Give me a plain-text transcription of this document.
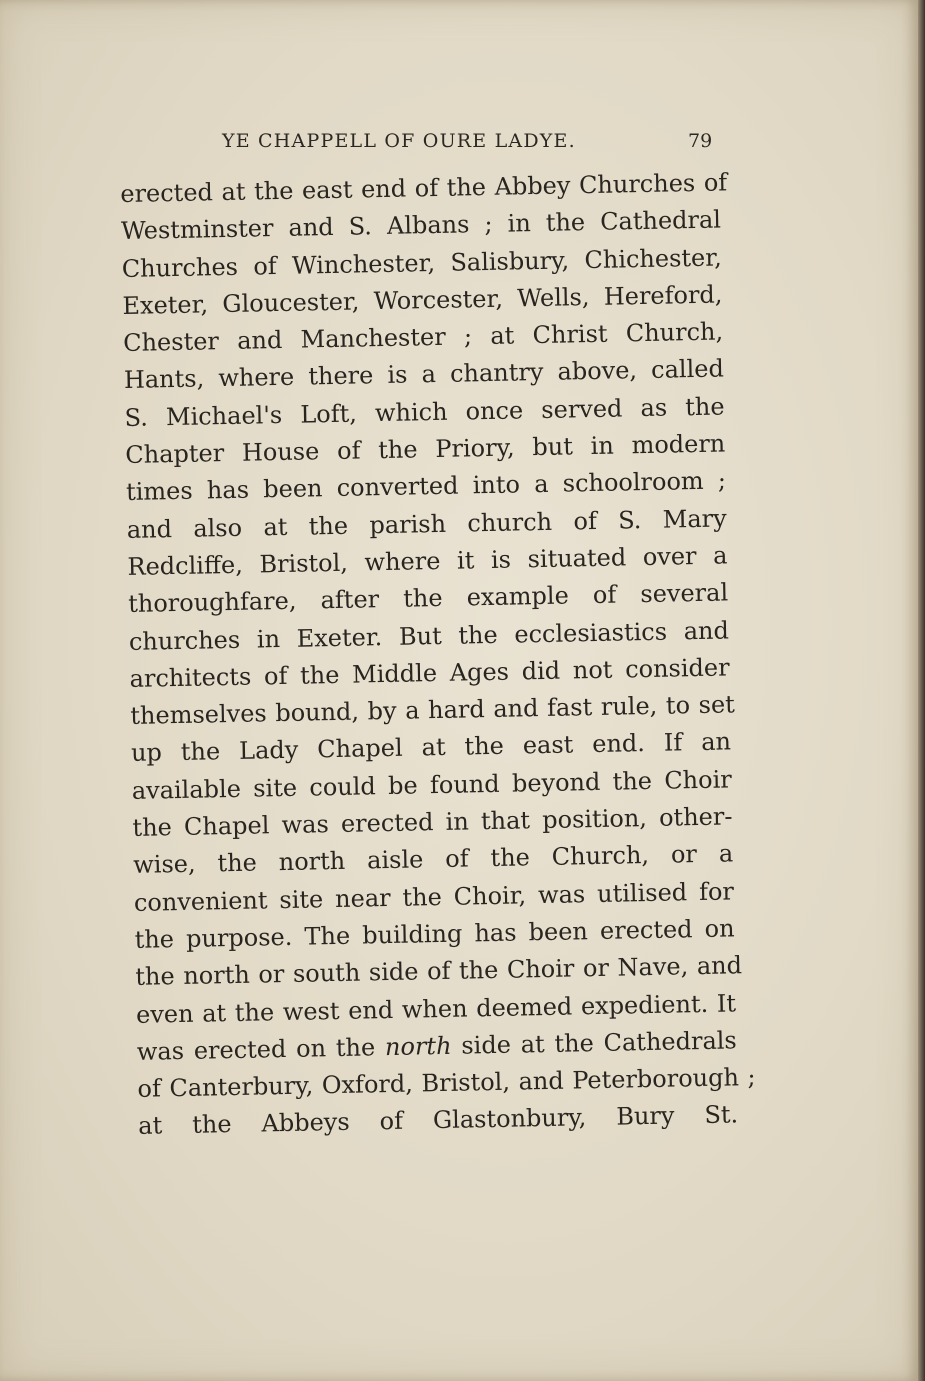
YE CHAPPELL OF OURE LADYE.	79
erected at the east end of the Abbey Churches of
Westminster and S. Albans ; in the Cathedral
Churches of Winchester, Salisbury, Chichester,
Exeter, Gloucester, Worcester, Wells, Hereford,
Chester and Manchester ; at Christ Church,
Hants, where there is a chantry above, called
S. Michael's Loft, which once served as the
Chapter House of the Priory, but in modern
times has been converted into a schoolroom ;
and also at the parish church of S. Mary
Redcliffe, Bristol, where it is situated over a
thoroughfare, after the example of several
churches in Exeter. But the ecclesiastics and
architects of the Middle Ages did not consider
themselves bound, by a hard and fast rule, to set
up the Lady Chapel at the east end. If an
available site could be found beyond the Choir
the Chapel was erected in that position, other-
wise, the north aisle of the Church, or a
convenient site near the Choir, was utilised for
the purpose. The building has been erected on
the north or south side of the Choir or Nave, and
even at the west end when deemed expedient. It
was erected on the north side at the Cathedrals
of Canterbury, Oxford, Bristol, and Peterborough ;
at the Abbeys of Glastonbury, Bury St.
